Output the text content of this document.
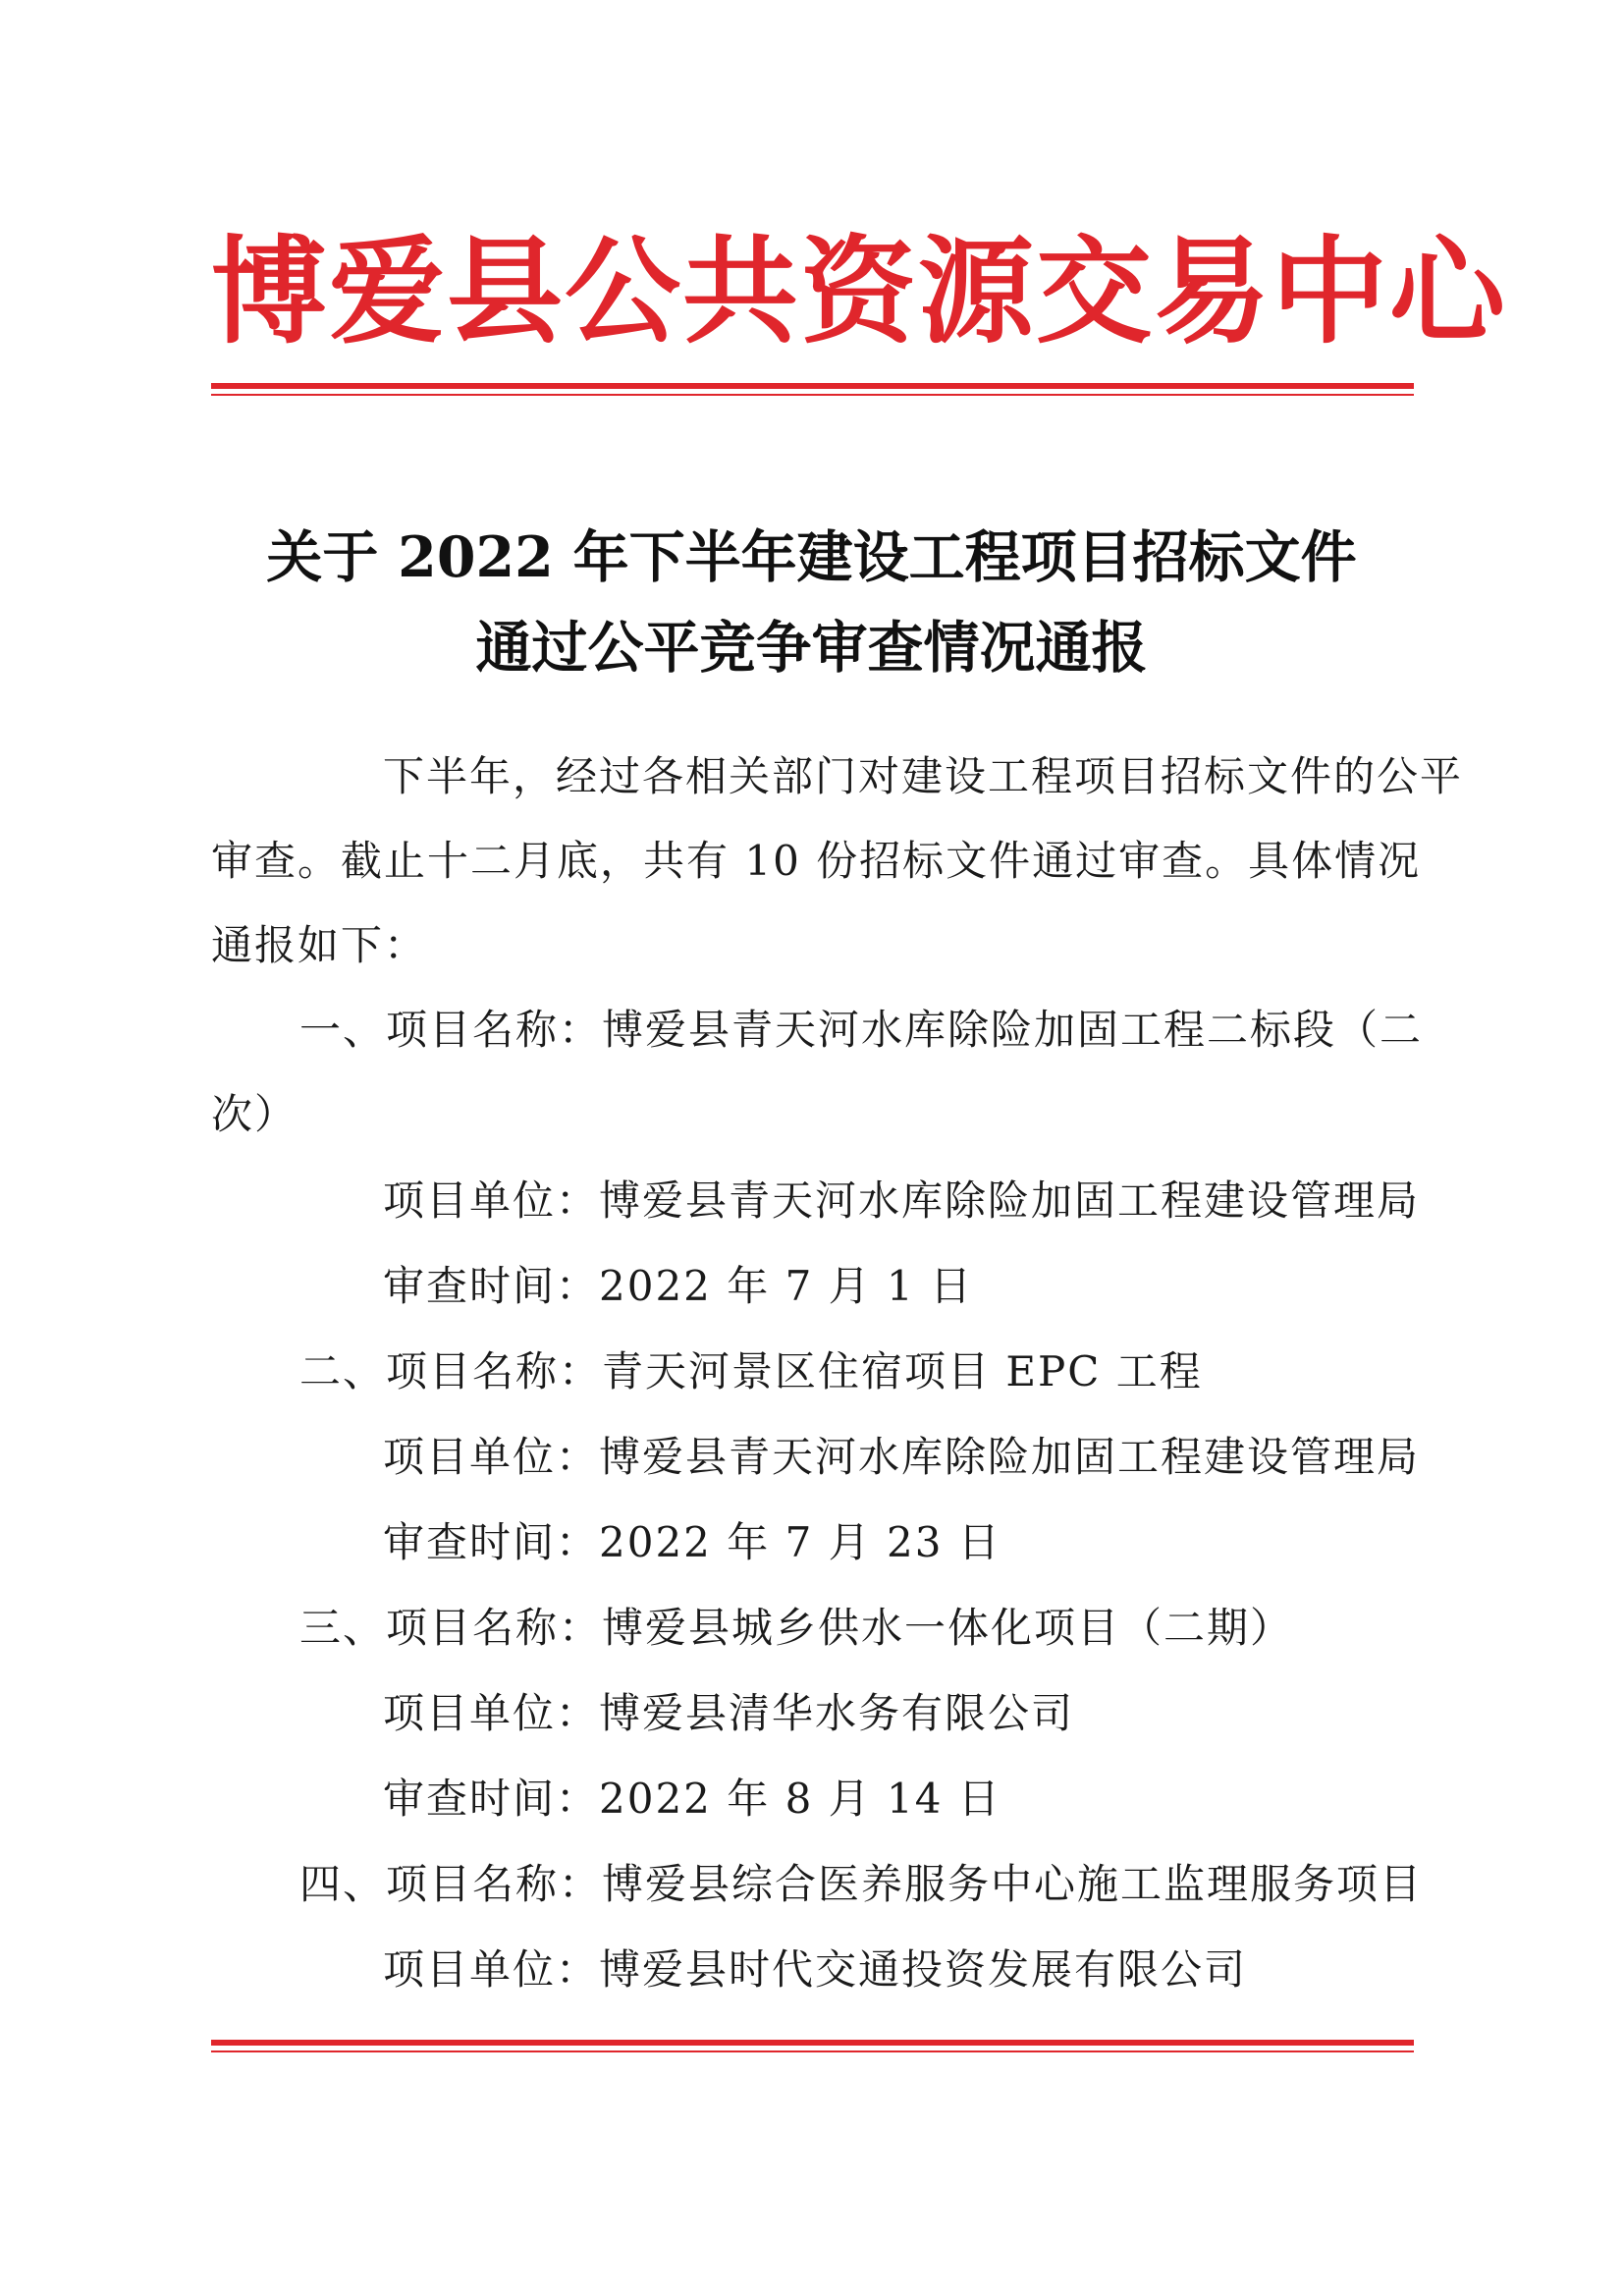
博爱县公共资源交易中心
关于 2022 年下半年建设工程项目招标文件
通过公平竞争审查情况通报
下半年，经过各相关部门对建设工程项目招标文件的公平
审查。截止十二月底，共有 10 份招标文件通过审查。具体情况
通报如下：
一、项目名称：博爱县青天河水库除险加固工程二标段（二
次）
项目单位：博爱县青天河水库除险加固工程建设管理局
审查时间：2022 年 7 月 1 日
二、项目名称：青天河景区住宿项目 EPC 工程
项目单位：博爱县青天河水库除险加固工程建设管理局
审查时间：2022 年 7 月 23 日
三、项目名称：博爱县城乡供水一体化项目（二期）
项目单位：博爱县清华水务有限公司
审查时间：2022 年 8 月 14 日
四、项目名称：博爱县综合医养服务中心施工监理服务项目
项目单位：博爱县时代交通投资发展有限公司
